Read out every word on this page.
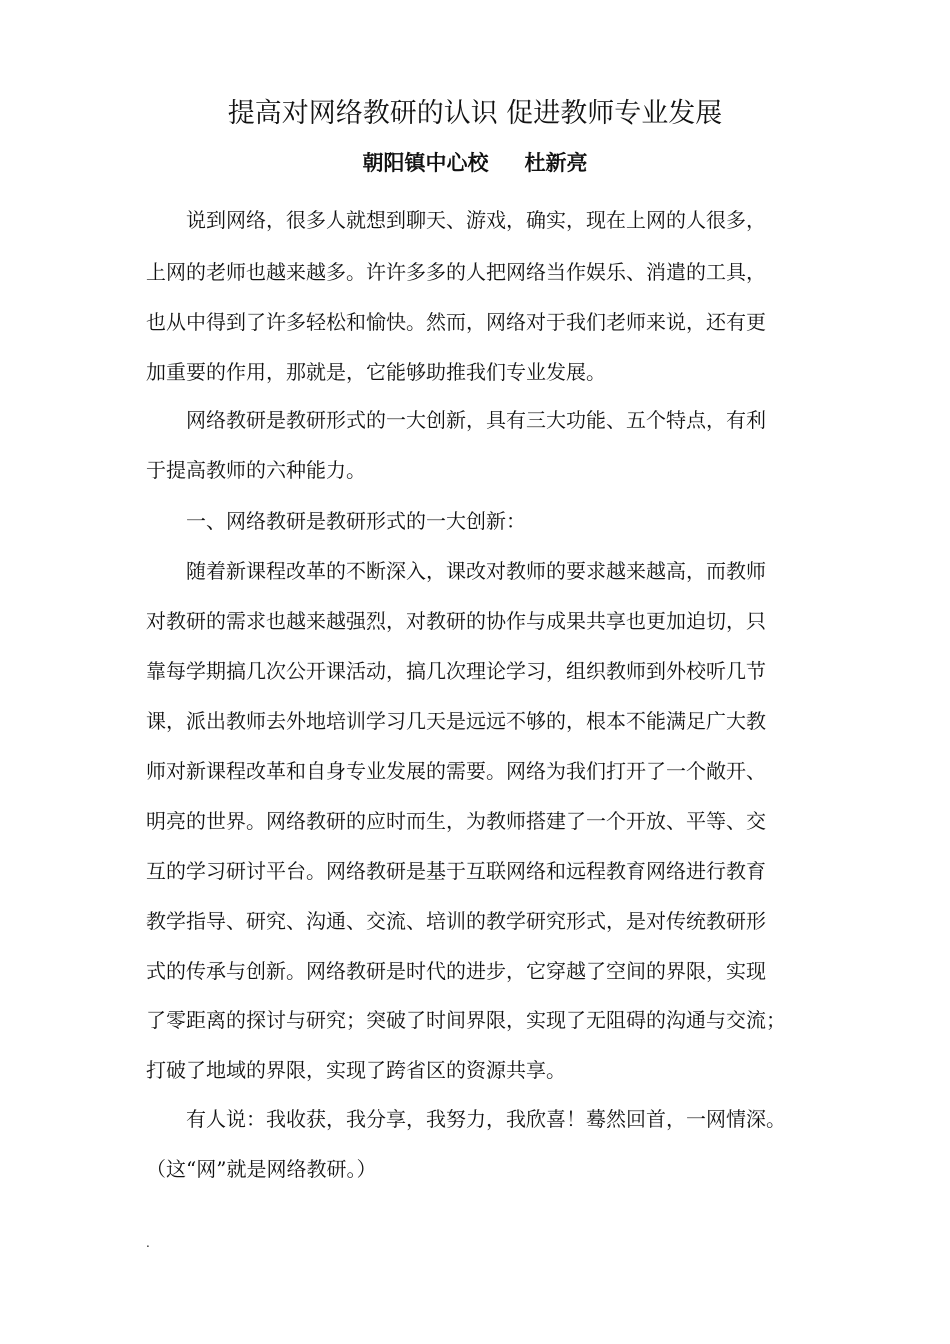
提高对网络教研的认识 促进教师专业发展
朝阳镇中心校 杜新亮
　　说到网络，很多人就想到聊天、游戏，确实，现在上网的人很多，
上网的老师也越来越多。许许多多的人把网络当作娱乐、消遣的工具，
也从中得到了许多轻松和愉快。然而，网络对于我们老师来说，还有更
加重要的作用，那就是，它能够助推我们专业发展。
　　网络教研是教研形式的一大创新，具有三大功能、五个特点，有利
于提高教师的六种能力。
　　一、网络教研是教研形式的一大创新：
　　随着新课程改革的不断深入，课改对教师的要求越来越高，而教师
对教研的需求也越来越强烈，对教研的协作与成果共享也更加迫切，只
靠每学期搞几次公开课活动，搞几次理论学习，组织教师到外校听几节
课，派出教师去外地培训学习几天是远远不够的，根本不能满足广大教
师对新课程改革和自身专业发展的需要。网络为我们打开了一个敞开、
明亮的世界。网络教研的应时而生，为教师搭建了一个开放、平等、交
互的学习研讨平台。网络教研是基于互联网络和远程教育网络进行教育
教学指导、研究、沟通、交流、培训的教学研究形式，是对传统教研形
式的传承与创新。网络教研是时代的进步，它穿越了空间的界限，实现
了零距离的探讨与研究；突破了时间界限，实现了无阻碍的沟通与交流；
打破了地域的界限，实现了跨省区的资源共享。
　　有人说：我收获，我分享，我努力，我欣喜！蓦然回首，一网情深。
（这“网”就是网络教研。）
.
